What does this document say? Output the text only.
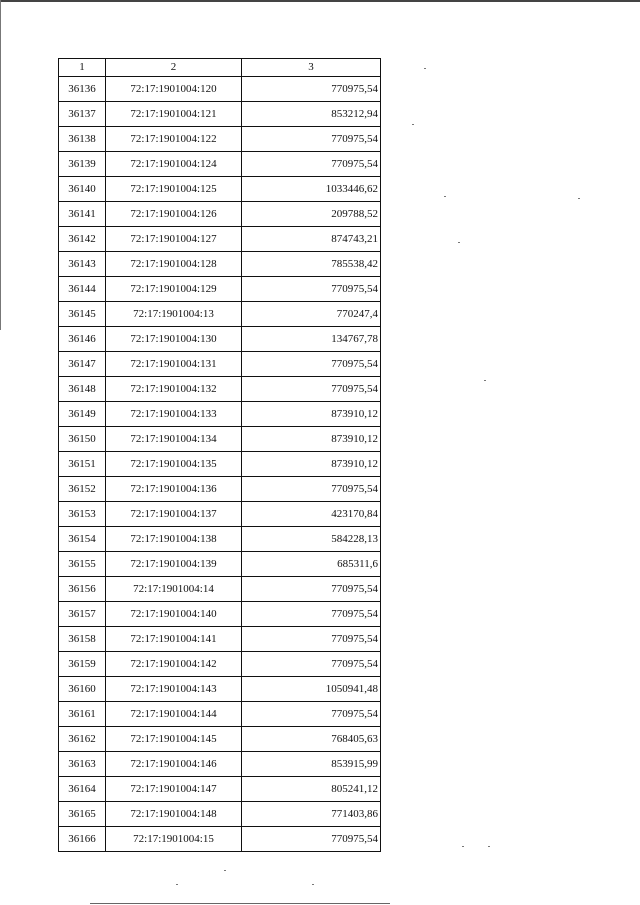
1	2	3
36136	72:17:1901004:120	770975,54
36137	72:17:1901004:121	853212,94
36138	72:17:1901004:122	770975,54
36139	72:17:1901004:124	770975,54
36140	72:17:1901004:125	1033446,62
36141	72:17:1901004:126	209788,52
36142	72:17:1901004:127	874743,21
36143	72:17:1901004:128	785538,42
36144	72:17:1901004:129	770975,54
36145	72:17:1901004:13	770247,4
36146	72:17:1901004:130	134767,78
36147	72:17:1901004:131	770975,54
36148	72:17:1901004:132	770975,54
36149	72:17:1901004:133	873910,12
36150	72:17:1901004:134	873910,12
36151	72:17:1901004:135	873910,12
36152	72:17:1901004:136	770975,54
36153	72:17:1901004:137	423170,84
36154	72:17:1901004:138	584228,13
36155	72:17:1901004:139	685311,6
36156	72:17:1901004:14	770975,54
36157	72:17:1901004:140	770975,54
36158	72:17:1901004:141	770975,54
36159	72:17:1901004:142	770975,54
36160	72:17:1901004:143	1050941,48
36161	72:17:1901004:144	770975,54
36162	72:17:1901004:145	768405,63
36163	72:17:1901004:146	853915,99
36164	72:17:1901004:147	805241,12
36165	72:17:1901004:148	771403,86
36166	72:17:1901004:15	770975,54
